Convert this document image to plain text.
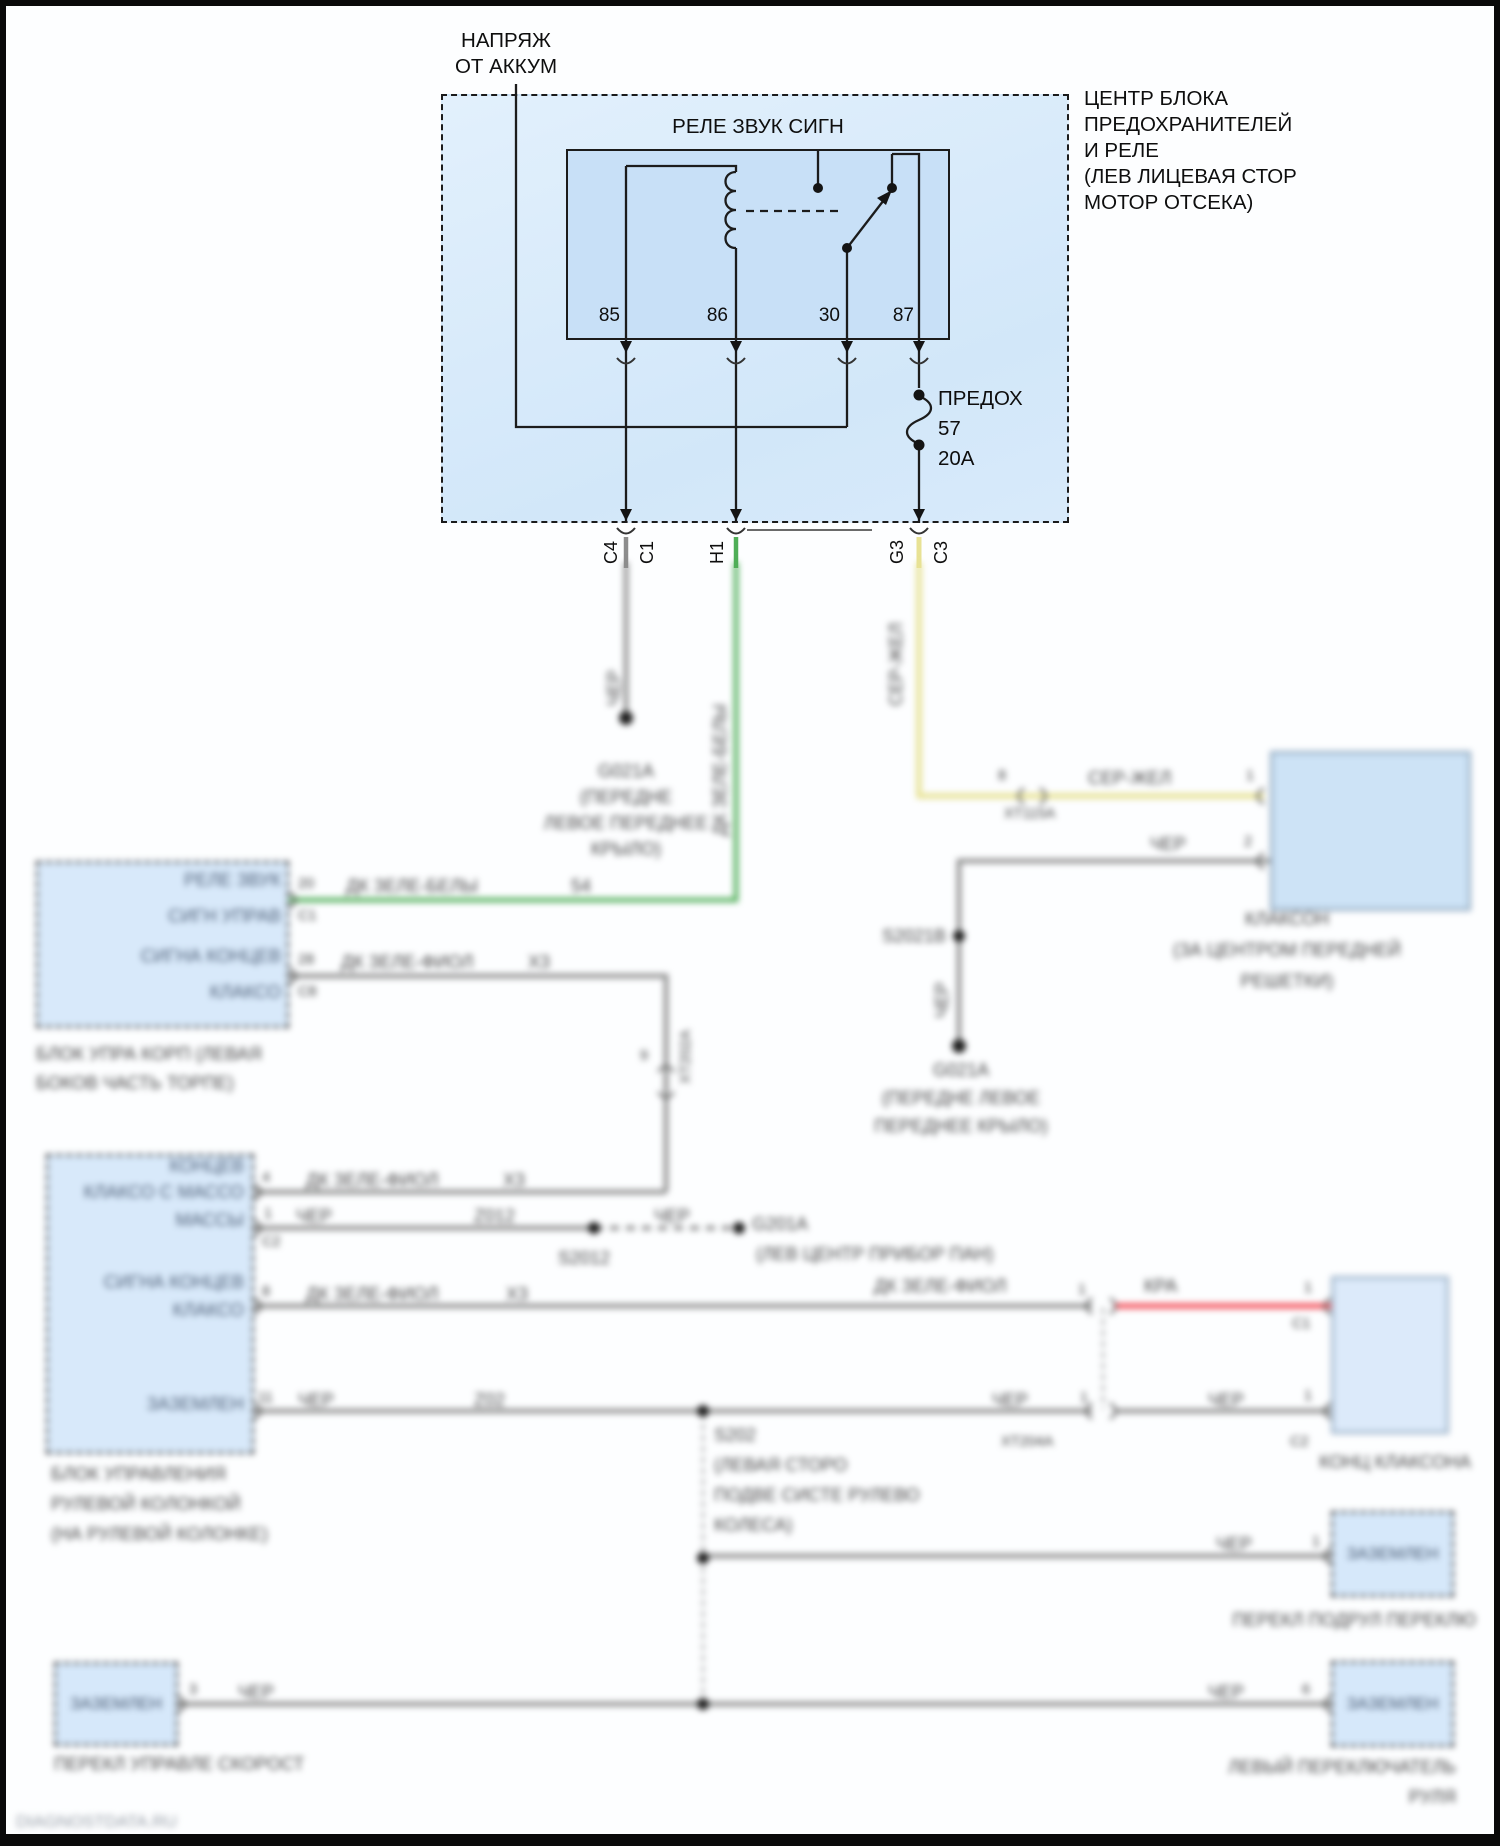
НАПРЯЖ
ОТ АККУМ
ЦЕНТР БЛОКА
ПРЕДОХРАНИТЕЛЕЙ
И РЕЛЕ
(ЛЕВ ЛИЦЕВАЯ СТОР
МОТОР ОТСЕКА)
РЕЛЕ ЗВУК СИГН
85	86	30	87
ПРЕДОХ
57
20А
C4 C1	H1	G3 C3
ЗАЗЕМЛЕН
ЗАЗЕМЛЕН
ЗАЗЕМЛЕН
РЕЛЕ ЗВУК
СИГН УПРАВ
СИГНА КОНЦЕВ
КЛАКСО
20
C1
28
C8
БЛОК УПРА КОРП (ЛЕВАЯ
БОКОВ ЧАСТЬ ТОРПЕ)
ДК ЗЕЛЕ-БЕЛЫ	54
ДК ЗЕЛЕ-ФИОЛ	X3
ЧЕР
ДК ЗЕЛЕ-БЕЛЫ
СЕР-ЖЕЛ
ЧЕР
XT202A
9
G021A
(ПЕРЕДНЕ
ЛЕВОЕ ПЕРЕДНЕЕ
КРЫЛО)
8	СЕР-ЖЕЛ
XT115A
1
ЧЕР	2
КЛАКСОН
(ЗА ЦЕНТРОМ ПЕРЕДНЕЙ
РЕШЕТКИ)
S2021B
G021A
(ПЕРЕДНЕ ЛЕВОЕ
ПЕРЕДНЕЕ КРЫЛО)
КОНЦЕВ
КЛАКСО С МАССО
МАССЫ
СИГНА КОНЦЕВ
КЛАКСО
ЗАЗЕМЛЕН
БЛОК УПРАВЛЕНИЯ
РУЛЕВОЙ КОЛОНКОЙ
(НА РУЛЕВОЙ КОЛОНКЕ)
4 ДК ЗЕЛЕ-ФИОЛ	X3
1 ЧЕР	Z012	ЧЕР
C2
S2012
G201A
(ЛЕВ ЦЕНТР ПРИБОР ПАН)
8 ДК ЗЕЛЕ-ФИОЛ	X3	ДК ЗЕЛЕ-ФИОЛ	1	КРА	1
C1
11 ЧЕР	Z02	ЧЕР	1
XT204A
ЧЕР	1
C2
S202
(ЛЕВАЯ СТОРО
ПОДВЕ СИСТЕ РУЛЕВО
КОЛЕСА)
КОНЦ КЛАКСОНА
ЧЕР	1
ПЕРЕКЛ ПОДРУЛ ПЕРЕКЛЮ
3 ЧЕР	ЧЕР	6
ПЕРЕКЛ УПРАВЛЕ СКОРОСТ	ЛЕВЫЙ ПЕРЕКЛЮЧАТЕЛЬ
РУЛЯ
DIAGNOSTDATA.RU
